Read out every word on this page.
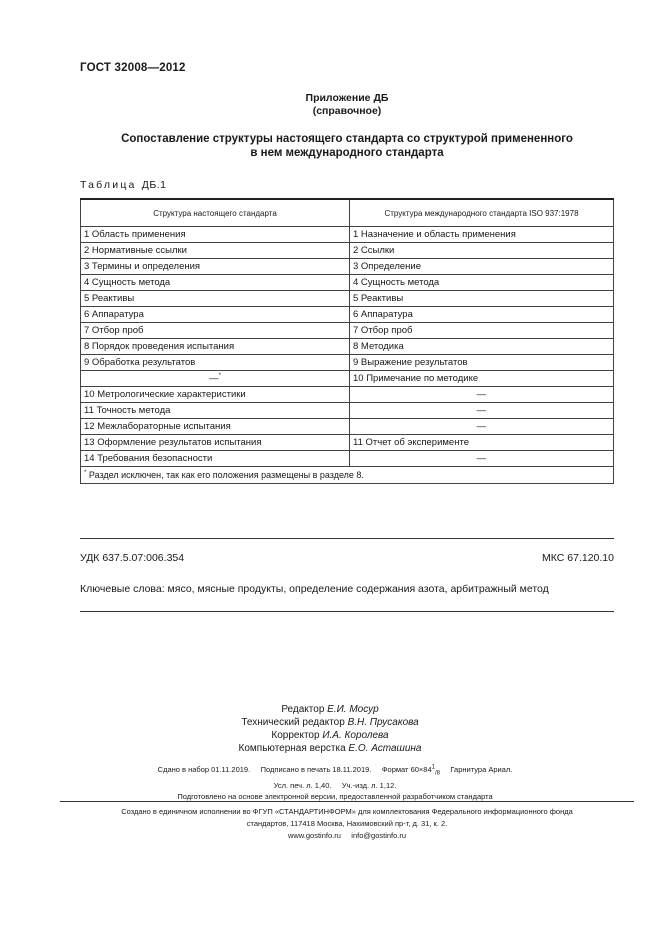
ГОСТ 32008—2012
Приложение ДБ
(справочное)
Сопоставление структуры настоящего стандарта со структурой примененного
в нем международного стандарта
Таблица ДБ.1
Структура настоящего стандарта	Структура международного стандарта ISO 937:1978
1 Область применения	1 Назначение и область применения
2 Нормативные ссылки	2 Ссылки
3 Термины и определения	3 Определение
4 Сущность метода	4 Сущность метода
5 Реактивы	5 Реактивы
6 Аппаратура	6 Аппаратура
7 Отбор проб	7 Отбор проб
8 Порядок проведения испытания	8 Методика
9 Обработка результатов	9 Выражение результатов
—*	10 Примечание по методике
10 Метрологические характеристики	—
11 Точность метода	—
12 Межлабораторные испытания	—
13 Оформление результатов испытания	11 Отчет об эксперименте
14 Требования безопасности	—
* Раздел исключен, так как его положения размещены в разделе 8.	
УДК 637.5.07:006.354	МКС 67.120.10
Ключевые слова: мясо, мясные продукты, определение содержания азота, арбитражный метод
Редактор Е.И. Мосур
Технический редактор В.Н. Прусакова
Корректор И.А. Королева
Компьютерная верстка Е.О. Асташина
Сдано в набор 01.11.2019. Подписано в печать 18.11.2019. Формат $60\times 84^1_{/8}$ Гарнитура Ариал.
Усл. печ. л. 1,40.     Уч.-изд. л. 1,12.
Подготовлено на основе электронной версии, предоставленной разработчиком стандарта
Создано в единичном исполнении во ФГУП «СТАНДАРТИНФОРМ» для комплектования Федерального информационного фонда
стандартов, 117418 Москва, Нахимовский пр-т, д. 31, к. 2.
www.gostinfo.ru     info@gostinfo.ru
